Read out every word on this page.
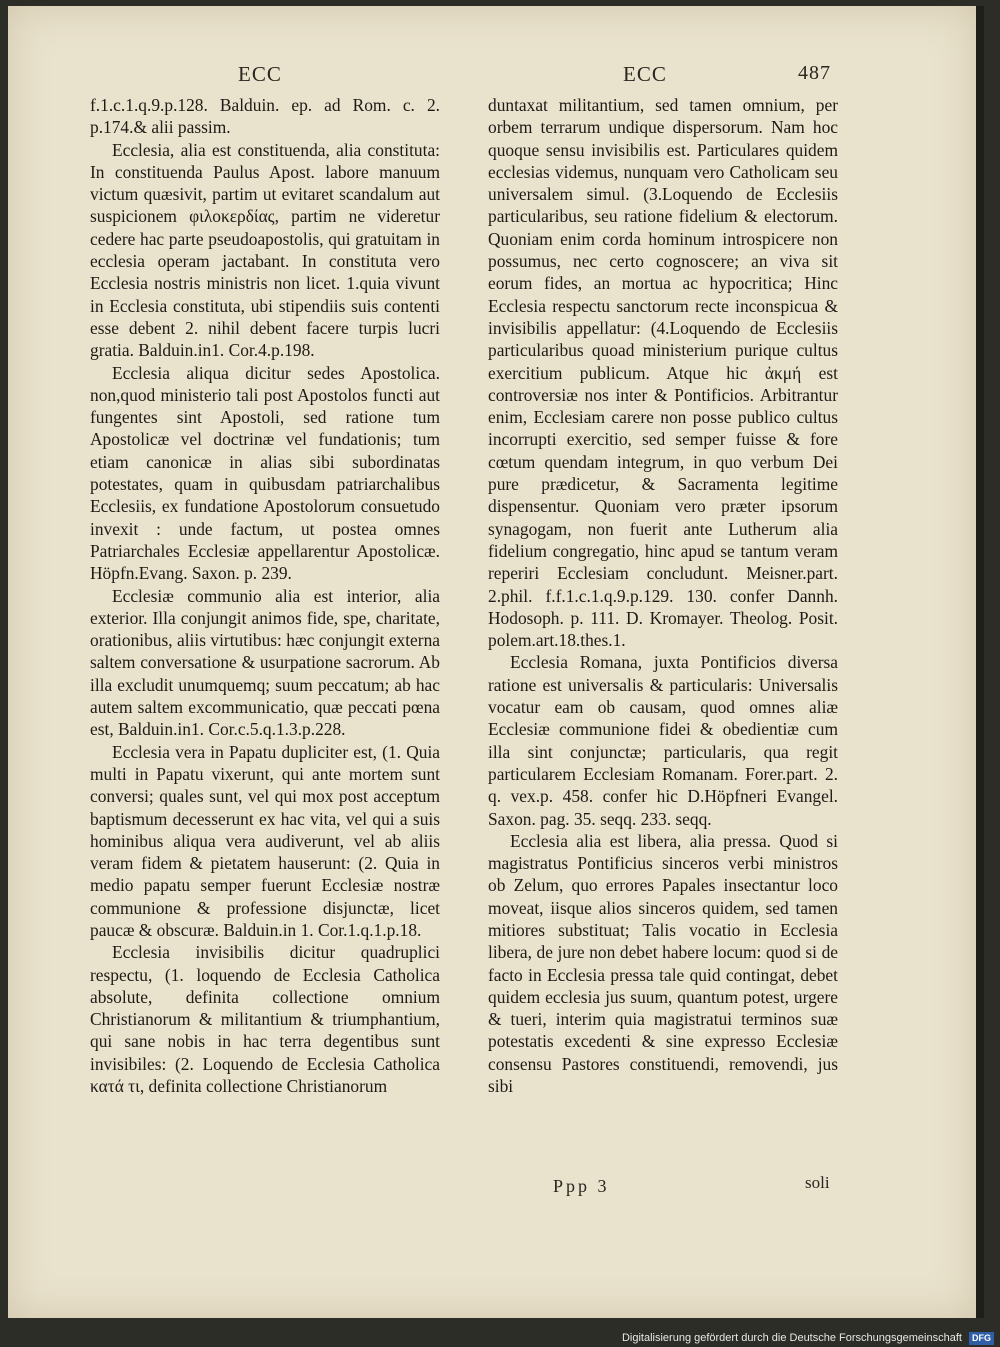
ECC	ECC	487

f.1.c.1.q.9.p.128. Balduin. ep. ad Rom. c. 2. p.174.& alii passim.

Ecclesia, alia est constituenda, alia constituta: In constituenda Paulus Apost. labore manuum victum quæsivit, partim ut evitaret scandalum aut suspicionem φιλοκερδίας, partim ne videretur cedere hac parte pseudoapostolis, qui gratuitam in ecclesia operam jactabant. In constituta vero Ecclesia nostris ministris non licet. 1.quia vivunt in Ecclesia constituta, ubi stipendiis suis contenti esse debent 2. nihil debent facere turpis lucri gratia. Balduin.in1. Cor.4.p.198.

Ecclesia aliqua dicitur sedes Apostolica. non,quod ministerio tali post Apostolos functi aut fungentes sint Apostoli, sed ratione tum Apostolicæ vel doctrinæ vel fundationis; tum etiam canonicæ in alias sibi subordinatas potestates, quam in quibusdam patriarchalibus Ecclesiis, ex fundatione Apostolorum consuetudo invexit : unde factum, ut postea omnes Patriarchales Ecclesiæ appellarentur Apostolicæ. Höpfn.Evang. Saxon. p. 239.

Ecclesiæ communio alia est interior, alia exterior. Illa conjungit animos fide, spe, charitate, orationibus, aliis virtutibus: hæc conjungit externa saltem conversatione & usurpatione sacrorum. Ab illa excludit unumquemq; suum peccatum; ab hac autem saltem excommunicatio, quæ peccati pœna est, Balduin.in1. Cor.c.5.q.1.3.p.228.

Ecclesia vera in Papatu dupliciter est, (1. Quia multi in Papatu vixerunt, qui ante mortem sunt conversi; quales sunt, vel qui mox post acceptum baptismum decesserunt ex hac vita, vel qui a suis hominibus aliqua vera audiverunt, vel ab aliis veram fidem & pietatem hauserunt: (2. Quia in medio papatu semper fuerunt Ecclesiæ nostræ communione & professione disjunctæ, licet paucæ & obscuræ. Balduin.in 1. Cor.1.q.1.p.18.

Ecclesia invisibilis dicitur quadruplici respectu, (1. loquendo de Ecclesia Catholica absolute, definita collectione omnium Christianorum & militantium & triumphantium, qui sane nobis in hac terra degentibus sunt invisibiles: (2. Loquendo de Ecclesia Catholica κατά τι, definita collectione Christianorum

duntaxat militantium, sed tamen omnium, per orbem terrarum undique dispersorum. Nam hoc quoque sensu invisibilis est. Particulares quidem ecclesias videmus, nunquam vero Catholicam seu universalem simul. (3.Loquendo de Ecclesiis particularibus, seu ratione fidelium & electorum. Quoniam enim corda hominum introspicere non possumus, nec certo cognoscere; an viva sit eorum fides, an mortua ac hypocritica; Hinc Ecclesia respectu sanctorum recte inconspicua & invisibilis appellatur: (4.Loquendo de Ecclesiis particularibus quoad ministerium purique cultus exercitium publicum. Atque hic ἀκμή est controversiæ nos inter & Pontificios. Arbitrantur enim, Ecclesiam carere non posse publico cultus incorrupti exercitio, sed semper fuisse & fore cœtum quendam integrum, in quo verbum Dei pure prædicetur, & Sacramenta legitime dispensentur. Quoniam vero præter ipsorum synagogam, non fuerit ante Lutherum alia fidelium congregatio, hinc apud se tantum veram reperiri Ecclesiam concludunt. Meisner.part. 2.phil. f.f.1.c.1.q.9.p.129. 130. confer Dannh. Hodosoph. p. 111. D. Kromayer. Theolog. Posit. polem.art.18.thes.1.

Ecclesia Romana, juxta Pontificios diversa ratione est universalis & particularis: Universalis vocatur eam ob causam, quod omnes aliæ Ecclesiæ communione fidei & obedientiæ cum illa sint conjunctæ; particularis, qua regit particularem Ecclesiam Romanam. Forer.part. 2. q. vex.p. 458. confer hic D.Höpfneri Evangel. Saxon. pag. 35. seqq. 233. seqq.

Ecclesia alia est libera, alia pressa. Quod si magistratus Pontificius sinceros verbi ministros ob Zelum, quo errores Papales insectantur loco moveat, iisque alios sinceros quidem, sed tamen mitiores substituat; Talis vocatio in Ecclesia libera, de jure non debet habere locum: quod si de facto in Ecclesia pressa tale quid contingat, debet quidem ecclesia jus suum, quantum potest, urgere & tueri, interim quia magistratui terminos suæ potestatis excedenti & sine expresso Ecclesiæ consensu Pastores constituendi, removendi, jus sibi

Ppp 3	soli
Digitalisierung gefördert durch die Deutsche Forschungsgemeinschaft DFG
